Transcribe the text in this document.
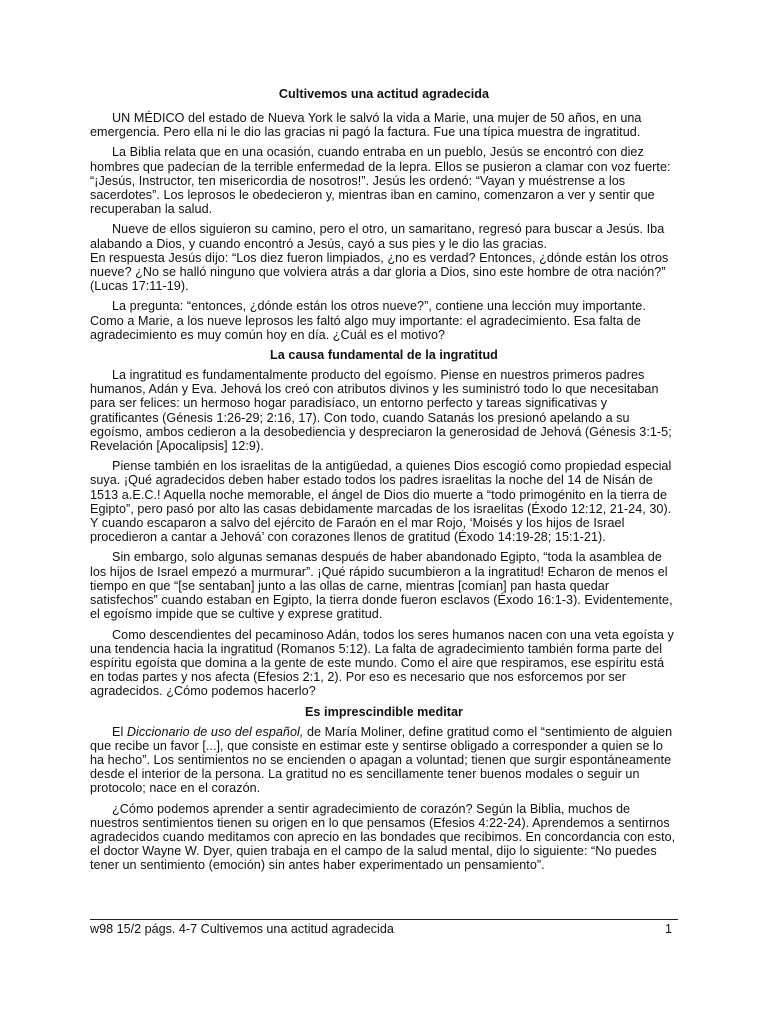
Cultivemos una actitud agradecida

UN MÉDICO del estado de Nueva York le salvó la vida a Marie, una mujer de 50 años, en una emergencia. Pero ella ni le dio las gracias ni pagó la factura. Fue una típica muestra de ingratitud.

La Biblia relata que en una ocasión, cuando entraba en un pueblo, Jesús se encontró con diez hombres que padecían de la terrible enfermedad de la lepra. Ellos se pusieron a clamar con voz fuerte: “¡Jesús, Instructor, ten misericordia de nosotros!”. Jesús les ordenó: “Vayan y muéstrense a los sacerdotes”. Los leprosos le obedecieron y, mientras iban en camino, comenzaron a ver y sentir que recuperaban la salud.

Nueve de ellos siguieron su camino, pero el otro, un samaritano, regresó para buscar a Jesús. Iba alabando a Dios, y cuando encontró a Jesús, cayó a sus pies y le dio las gracias.
En respuesta Jesús dijo: “Los diez fueron limpiados, ¿no es verdad? Entonces, ¿dónde están los otros nueve? ¿No se halló ninguno que volviera atrás a dar gloria a Dios, sino este hombre de otra nación?” (Lucas 17:11-19).

La pregunta: “entonces, ¿dónde están los otros nueve?”, contiene una lección muy importante. Como a Marie, a los nueve leprosos les faltó algo muy importante: el agradecimiento. Esa falta de agradecimiento es muy común hoy en día. ¿Cuál es el motivo?

La causa fundamental de la ingratitud

La ingratitud es fundamentalmente producto del egoísmo. Piense en nuestros primeros padres humanos, Adán y Eva. Jehová los creó con atributos divinos y les suministró todo lo que necesitaban para ser felices: un hermoso hogar paradisíaco, un entorno perfecto y tareas significativas y gratificantes (Génesis 1:26-29; 2:16, 17). Con todo, cuando Satanás los presionó apelando a su egoísmo, ambos cedieron a la desobediencia y despreciaron la generosidad de Jehová (Génesis 3:1-5; Revelación [Apocalipsis] 12:9).

Piense también en los israelitas de la antigüedad, a quienes Dios escogió como propiedad especial suya. ¡Qué agradecidos deben haber estado todos los padres israelitas la noche del 14 de Nisán de 1513 a.E.C.! Aquella noche memorable, el ángel de Dios dio muerte a “todo primogénito en la tierra de Egipto”, pero pasó por alto las casas debidamente marcadas de los israelitas (Éxodo 12:12, 21-24, 30). Y cuando escaparon a salvo del ejército de Faraón en el mar Rojo, ‘Moisés y los hijos de Israel procedieron a cantar a Jehová’ con corazones llenos de gratitud (Éxodo 14:19-28; 15:1-21).

Sin embargo, solo algunas semanas después de haber abandonado Egipto, “toda la asamblea de los hijos de Israel empezó a murmurar”. ¡Qué rápido sucumbieron a la ingratitud! Echaron de menos el tiempo en que “[se sentaban] junto a las ollas de carne, mientras [comían] pan hasta quedar satisfechos” cuando estaban en Egipto, la tierra donde fueron esclavos (Éxodo 16:1-3). Evidentemente, el egoísmo impide que se cultive y exprese gratitud.

Como descendientes del pecaminoso Adán, todos los seres humanos nacen con una veta egoísta y una tendencia hacia la ingratitud (Romanos 5:12). La falta de agradecimiento también forma parte del espíritu egoísta que domina a la gente de este mundo. Como el aire que respiramos, ese espíritu está en todas partes y nos afecta (Efesios 2:1, 2). Por eso es necesario que nos esforcemos por ser agradecidos. ¿Cómo podemos hacerlo?

Es imprescindible meditar

El Diccionario de uso del español, de María Moliner, define gratitud como el “sentimiento de alguien que recibe un favor [...], que consiste en estimar este y sentirse obligado a corresponder a quien se lo ha hecho”. Los sentimientos no se encienden o apagan a voluntad; tienen que surgir espontáneamente desde el interior de la persona. La gratitud no es sencillamente tener buenos modales o seguir un protocolo; nace en el corazón.

¿Cómo podemos aprender a sentir agradecimiento de corazón? Según la Biblia, muchos de nuestros sentimientos tienen su origen en lo que pensamos (Efesios 4:22-24). Aprendemos a sentirnos agradecidos cuando meditamos con aprecio en las bondades que recibimos. En concordancia con esto, el doctor Wayne W. Dyer, quien trabaja en el campo de la salud mental, dijo lo siguiente: “No puedes tener un sentimiento (emoción) sin antes haber experimentado un pensamiento”.

w98 15/2 págs. 4-7 Cultivemos una actitud agradecida	1
